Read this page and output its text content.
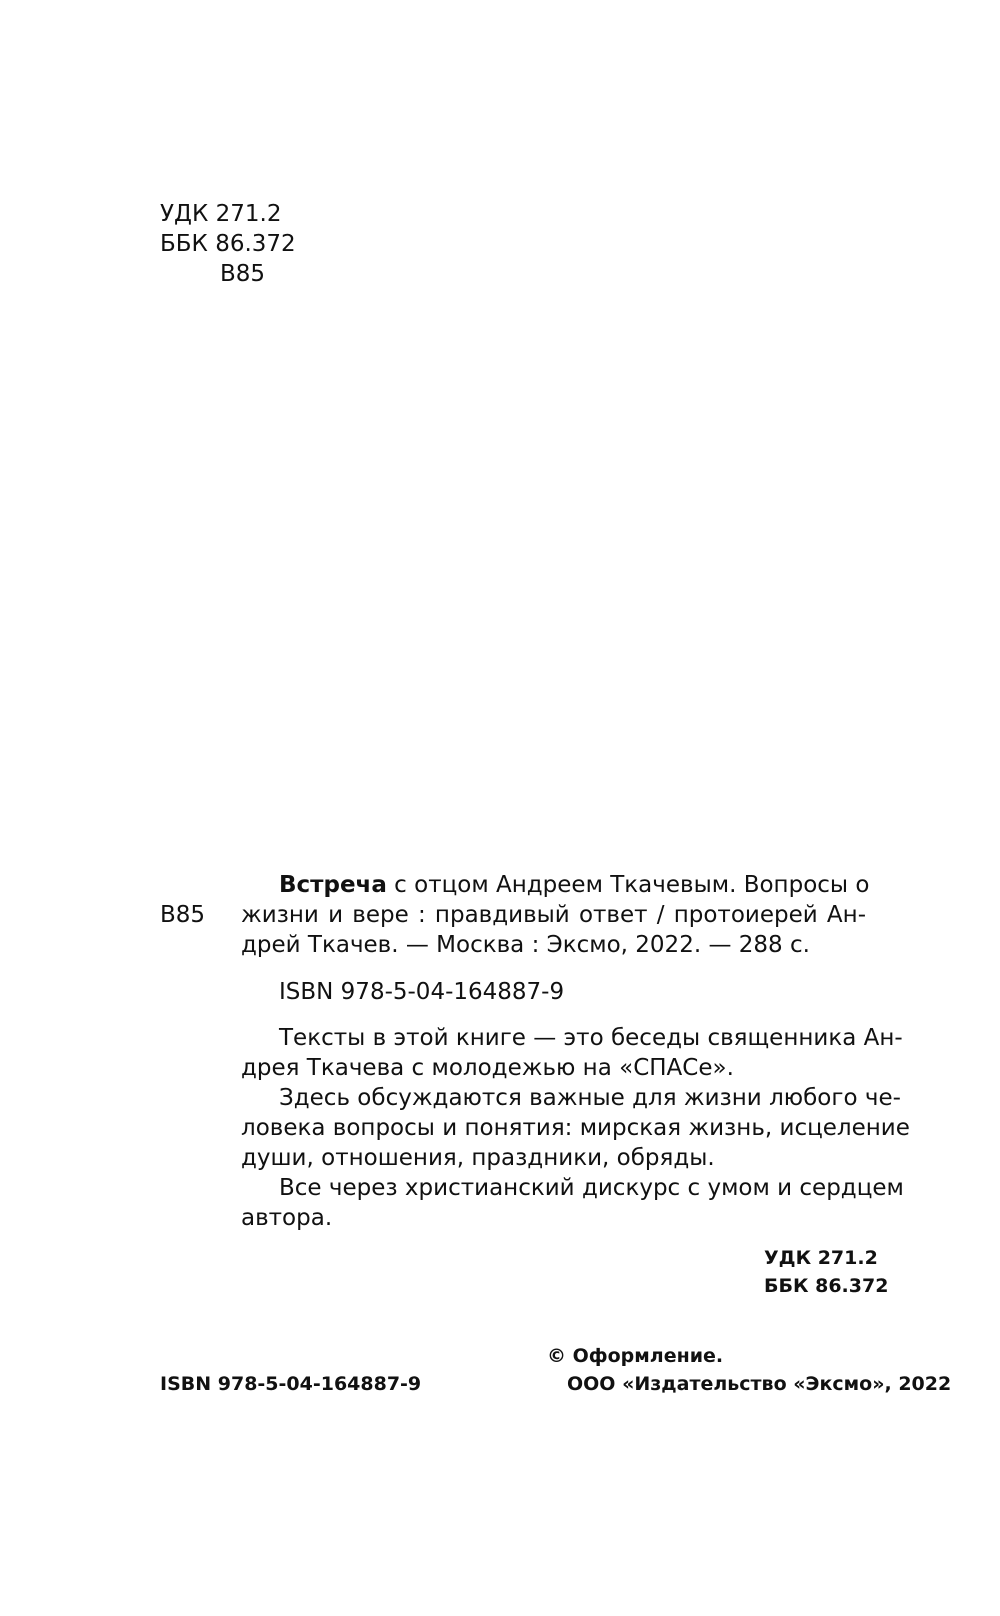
УДК 271.2
ББК 86.372
В85
В85
Встреча с отцом Андреем Ткачевым. Вопросы о
жизни и вере : правдивый ответ / протоиерей Ан-
дрей Ткачев. — Москва : Эксмо, 2022. — 288 с.
ISBN 978-5-04-164887-9
Тексты в этой книге — это беседы священника Ан-
дрея Ткачева с молодежью на «СПАСе».
Здесь обсуждаются важные для жизни любого че-
ловека вопросы и понятия: мирская жизнь, исцеление
души, отношения, праздники, обряды.
Все через христианский дискурс с умом и сердцем
автора.
УДК 271.2
ББК 86.372
ISBN 978-5-04-164887-9
© Оформление.
ООО «Издательство «Эксмо», 2022
